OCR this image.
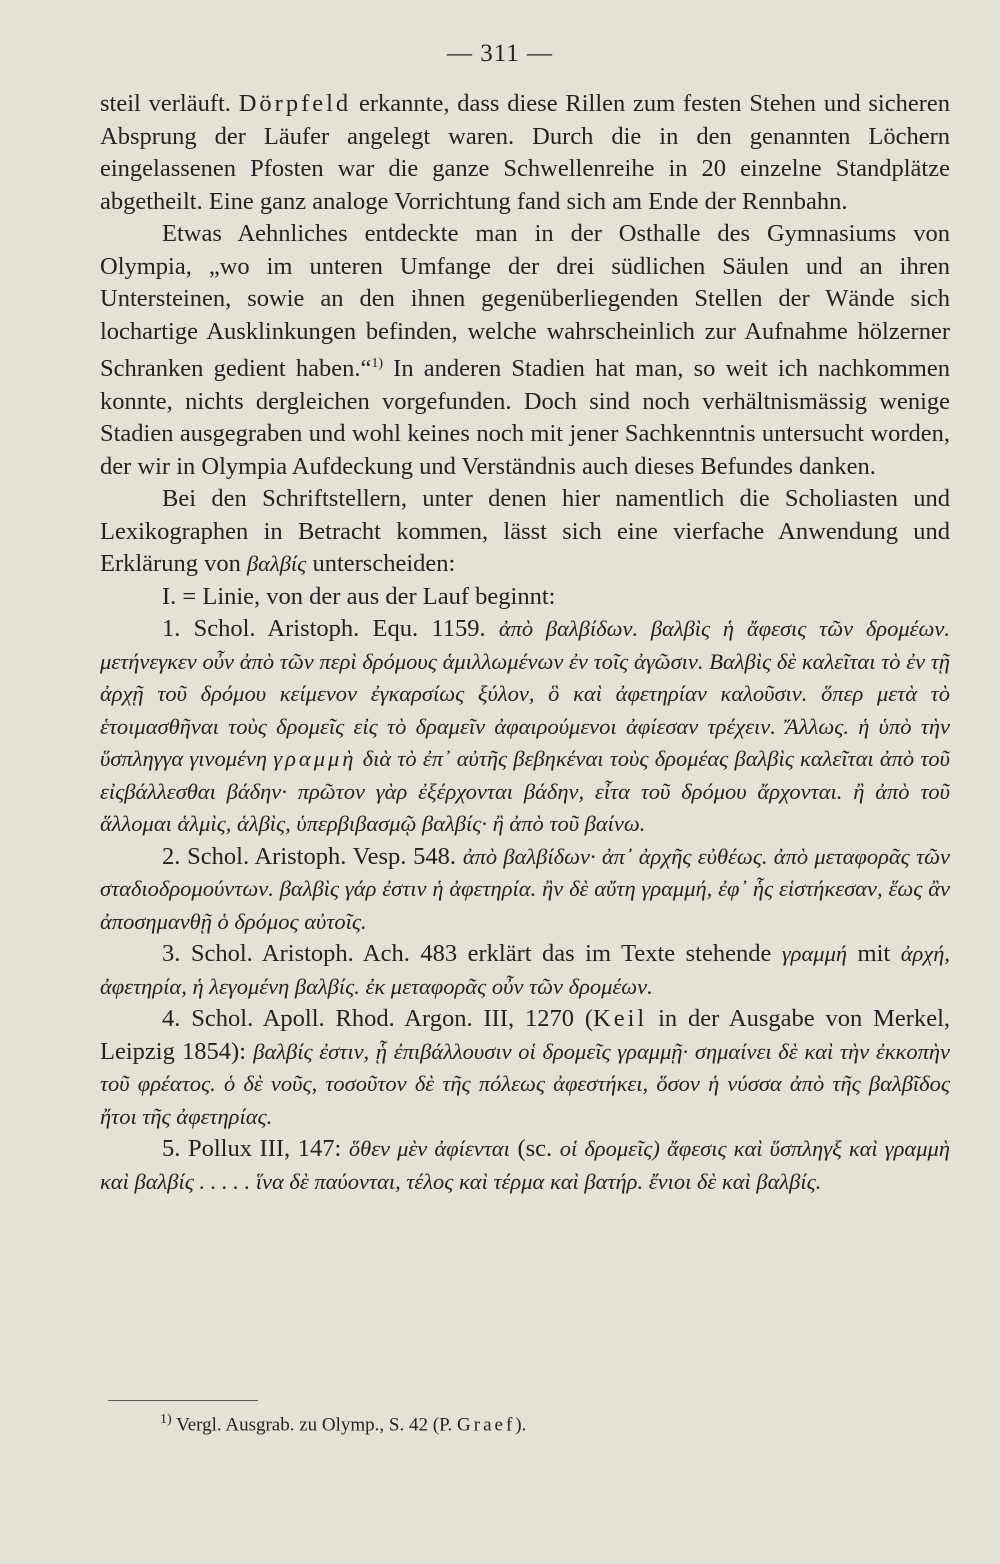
— 311 —

steil verläuft. Dörpfeld erkannte, dass diese Rillen zum festen Stehen und sicheren Absprung der Läufer angelegt waren. Durch die in den genannten Löchern eingelassenen Pfosten war die ganze Schwellenreihe in 20 einzelne Standplätze abgetheilt. Eine ganz analoge Vorrichtung fand sich am Ende der Rennbahn.

Etwas Aehnliches entdeckte man in der Osthalle des Gymnasiums von Olympia, „wo im unteren Umfange der drei südlichen Säulen und an ihren Untersteinen, sowie an den ihnen gegenüberliegenden Stellen der Wände sich lochartige Ausklinkungen befinden, welche wahrscheinlich zur Aufnahme hölzerner Schranken gedient haben.“$^{1)}$ In anderen Stadien hat man, so weit ich nachkommen konnte, nichts dergleichen vorgefunden. Doch sind noch verhältnismässig wenige Stadien ausgegraben und wohl keines noch mit jener Sachkenntnis untersucht worden, der wir in Olympia Aufdeckung und Verständnis auch dieses Befundes danken.

Bei den Schriftstellern, unter denen hier namentlich die Scholiasten und Lexikographen in Betracht kommen, lässt sich eine vierfache Anwendung und Erklärung von βαλβίς unterscheiden:

I. = Linie, von der aus der Lauf beginnt:

1. Schol. Aristoph. Equ. 1159. ἀπὸ βαλβίδων. βαλβὶς ἡ ἄφεσις τῶν δρομέων. μετήνεγκεν οὖν ἀπὸ τῶν περὶ δρόμους ἁμιλλωμένων ἐν τοῖς ἀγῶσιν. Βαλβὶς δὲ καλεῖται τὸ ἐν τῇ ἀρχῇ τοῦ δρόμου κείμενον ἐγκαρσίως ξύλον, ὃ καὶ ἀφετηρίαν καλοῦσιν. ὅπερ μετὰ τὸ ἑτοιμασθῆναι τοὺς δρομεῖς εἰς τὸ δραμεῖν ἀφαιρούμενοι ἀφίεσαν τρέχειν. Ἄλλως. ἡ ὑπὸ τὴν ὕσπληγγα γινομένη γραμμὴ διὰ τὸ ἐπ᾽ αὐτῆς βεβηκέναι τοὺς δρομέας βαλβὶς καλεῖται ἀπὸ τοῦ εἰςβάλλεσθαι βάδην· πρῶτον γὰρ ἐξέρχονται βάδην, εἶτα τοῦ δρόμου ἄρχονται. ἢ ἀπὸ τοῦ ἅλλομαι ἁλμὶς, ἁλβὶς, ὑπερβιβασμῷ βαλβίς· ἢ ἀπὸ τοῦ βαίνω.

2. Schol. Aristoph. Vesp. 548. ἀπὸ βαλβίδων· ἀπ᾽ ἀρχῆς εὐθέως. ἀπὸ μεταφορᾶς τῶν σταδιοδρομούντων. βαλβὶς γάρ ἐστιν ἡ ἀφετηρία. ἢν δὲ αὔτη γραμμή, ἐφ᾽ ἧς εἱστήκεσαν, ἕως ἂν ἀποσημανθῇ ὁ δρόμος αὐτοῖς.

3. Schol. Aristoph. Ach. 483 erklärt das im Texte stehende γραμμή mit ἀρχή, ἀφετηρία, ἡ λεγομένη βαλβίς. ἐκ μεταφορᾶς οὖν τῶν δρομέων.

4. Schol. Apoll. Rhod. Argon. III, 1270 (Keil in der Ausgabe von Merkel, Leipzig 1854): βαλβίς ἐστιν, ᾗ ἐπιβάλλουσιν οἱ δρομεῖς γραμμῇ· σημαίνει δὲ καὶ τὴν ἐκκοπὴν τοῦ φρέατος. ὁ δὲ νοῦς, τοσοῦτον δὲ τῆς πόλεως ἀφεστήκει, ὅσον ἡ νύσσα ἀπὸ τῆς βαλβῖδος ἤτοι τῆς ἀφετηρίας.

5. Pollux III, 147: ὅθεν μὲν ἀφίενται (sc. οἱ δρομεῖς) ἄφεσις καὶ ὕσπληγξ καὶ γραμμὴ καὶ βαλβίς . . . . . ἵνα δὲ παύονται, τέλος καὶ τέρμα καὶ βατήρ. ἔνιοι δὲ καὶ βαλβίς.

$^{1)}$ Vergl. Ausgrab. zu Olymp., S. 42 (P. Graef).
